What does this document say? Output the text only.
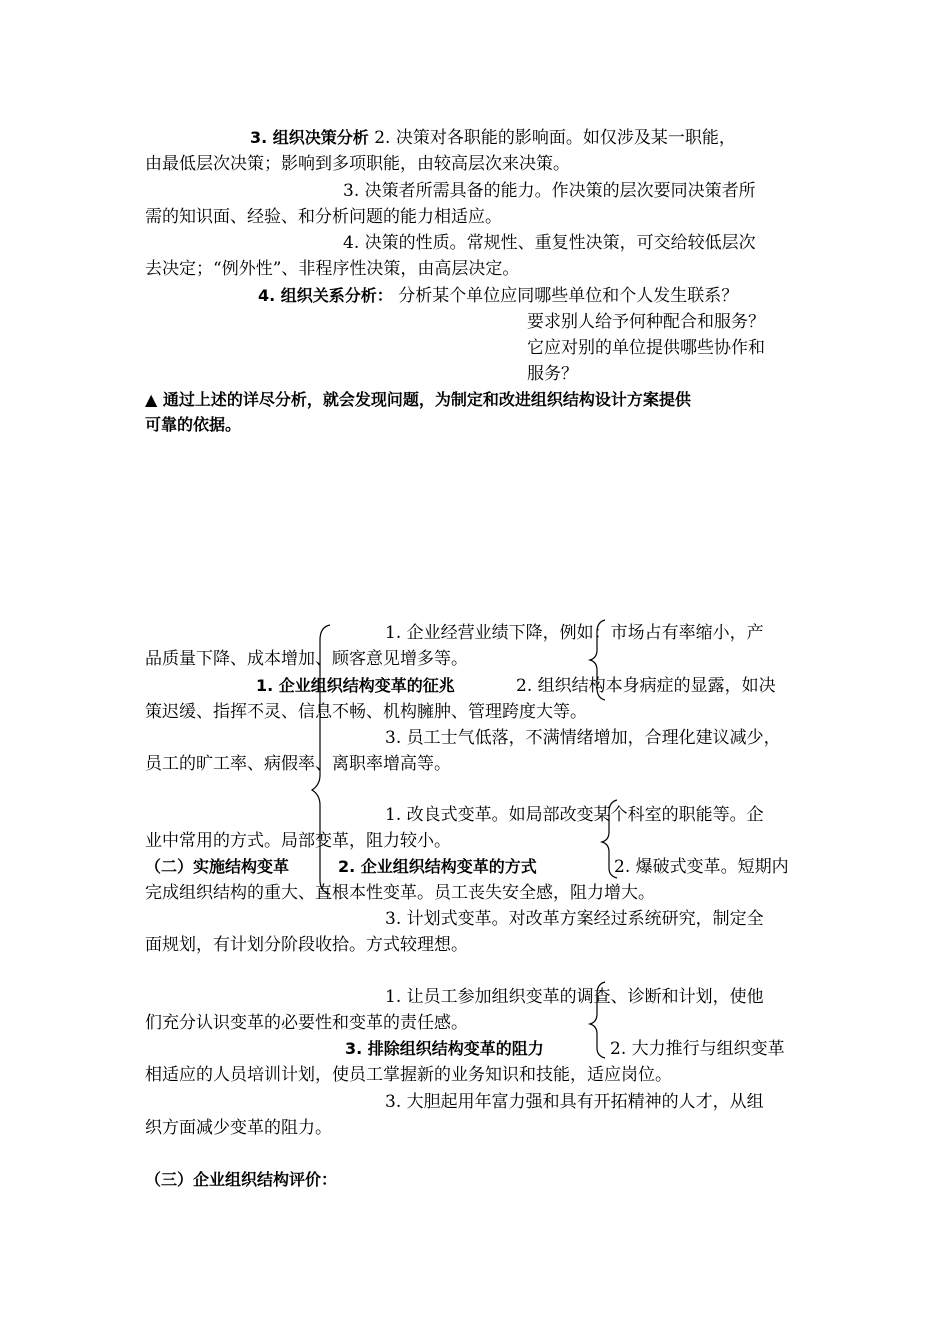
3. 组织决策分析 2. 决策对各职能的影响面。如仅涉及某一职能，
由最低层次决策；影响到多项职能，由较高层次来决策。
3. 决策者所需具备的能力。作决策的层次要同决策者所
需的知识面、经验、和分析问题的能力相适应。
4. 决策的性质。常规性、重复性决策，可交给较低层次
去决定；“例外性”、非程序性决策，由高层决定。
4. 组织关系分析： 分析某个单位应同哪些单位和个人发生联系？
要求别人给予何种配合和服务？
它应对别的单位提供哪些协作和
服务？
▲ 通过上述的详尽分析，就会发现问题，为制定和改进组织结构设计方案提供
可靠的依据。
1. 企业经营业绩下降，例如：市场占有率缩小，产
品质量下降、成本增加、顾客意见增多等。
1. 企业组织结构变革的征兆	2. 组织结构本身病症的显露，如决
策迟缓、指挥不灵、信息不畅、机构臃肿、管理跨度大等。
3. 员工士气低落，不满情绪增加，合理化建议减少，
员工的旷工率、病假率、离职率增高等。
1. 改良式变革。如局部改变某个科室的职能等。企
业中常用的方式。局部变革，阻力较小。
（二）实施结构变革	2. 企业组织结构变革的方式	2. 爆破式变革。短期内
完成组织结构的重大、直根本性变革。员工丧失安全感，阻力增大。
3. 计划式变革。对改革方案经过系统研究，制定全
面规划，有计划分阶段收拾。方式较理想。
1. 让员工参加组织变革的调查、诊断和计划，使他
们充分认识变革的必要性和变革的责任感。
3. 排除组织结构变革的阻力	2. 大力推行与组织变革
相适应的人员培训计划，使员工掌握新的业务知识和技能，适应岗位。
3. 大胆起用年富力强和具有开拓精神的人才，从组
织方面减少变革的阻力。
（三）企业组织结构评价：
